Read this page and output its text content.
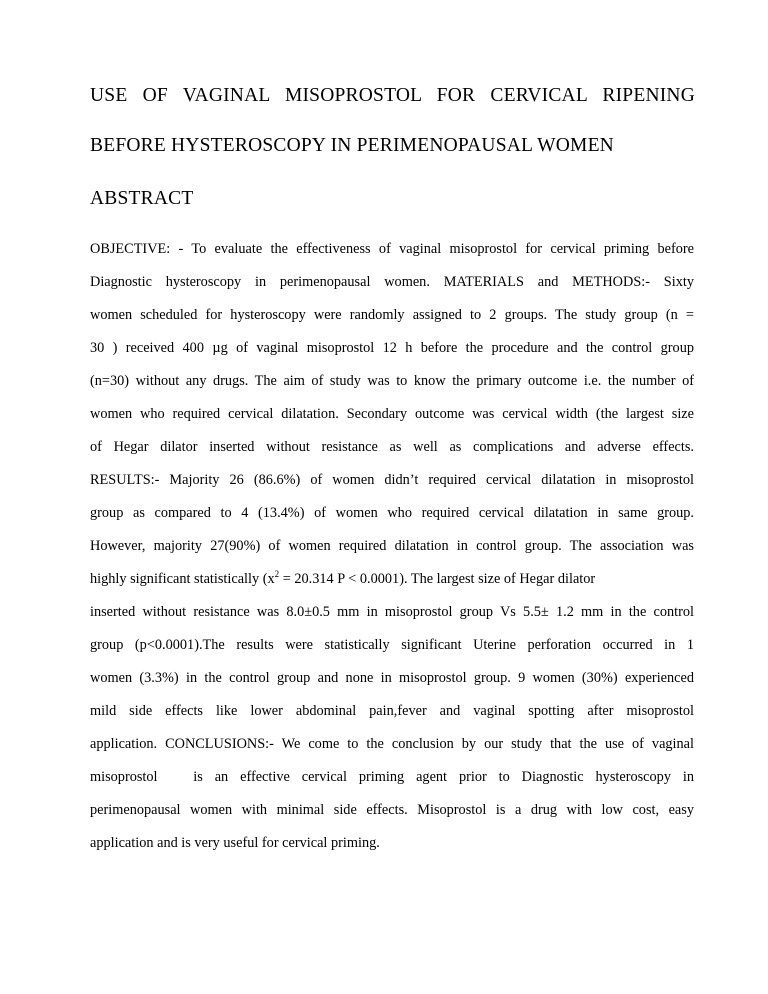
USE OF VAGINAL MISOPROSTOL FOR CERVICAL RIPENING
BEFORE HYSTEROSCOPY IN PERIMENOPAUSAL WOMEN
ABSTRACT
OBJECTIVE: - To evaluate the effectiveness of vaginal misoprostol for cervical priming before
Diagnostic hysteroscopy in perimenopausal women. MATERIALS and METHODS:- Sixty
women scheduled for hysteroscopy were randomly assigned to 2 groups. The study group (n =
30 ) received 400 µg of vaginal misoprostol 12 h before the procedure and the control group
(n=30) without any drugs. The aim of study was to know the primary outcome i.e. the number of
women who required cervical dilatation. Secondary outcome was cervical width (the largest size
of Hegar dilator inserted without resistance as well as complications and adverse effects.
RESULTS:- Majority 26 (86.6%) of women didn’t required cervical dilatation in misoprostol
group as compared to 4 (13.4%) of women who required cervical dilatation in same group.
However, majority 27(90%) of women required dilatation in control group. The association was
highly significant statistically ($x^2 = 20.314$ P < 0.0001). The largest size of Hegar dilator
inserted without resistance was 8.0±0.5 mm in misoprostol group Vs 5.5± 1.2 mm in the control
group (p<0.0001).The results were statistically significant Uterine perforation occurred in 1
women (3.3%) in the control group and none in misoprostol group. 9 women (30%) experienced
mild side effects like lower abdominal pain,fever and vaginal spotting after misoprostol
application. CONCLUSIONS:- We come to the conclusion by our study that the use of vaginal
misoprostol   is an effective cervical priming agent prior to Diagnostic hysteroscopy in
perimenopausal women with minimal side effects. Misoprostol is a drug with low cost, easy
application and is very useful for cervical priming.
